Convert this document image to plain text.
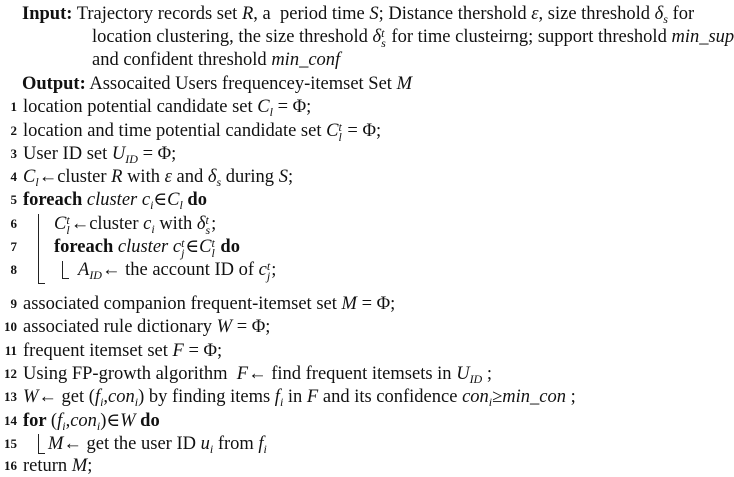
Input: Trajectory records set R, a  period time S; Distance thershold ε, size threshold $\delta_s$ for
location clustering, the size threshold δ t
s for time clusteirng; support threshold min_sup
and confident threshold min_conf
Output: Assocaited Users frequencey-itemset Set M
1 location potential candidate set $C_l = \Phi$;
2 location and time potential candidate set C t
l = Φ;
3 User ID set $U_{ID} = \Phi$;
4 $C_l\leftarrow cluster$ R with ε and $\delta_s$ during S;
5 foreach cluster $c_i\in C_l$ do
6 C t
l ←cluster $c_i$ with δ t
s ;
7 foreach cluster c t
j ∈C t
l do
8	$A_{ID}\leftarrow$ the account ID of c t
j ;
9 associated companion frequent-itemset set M = Φ;
10 associated rule dictionary W = Φ;
11 frequent itemset set F = Φ;
12 Using FP-growth algorithm  F← find frequent itemsets in $U_{ID}$ ;
13 W← get $(f_i,con_i)$ by finding items $f_i$ in F and its confidence con$_i$≥min_con ;
14 for $(f_i,con_i)\in W$ do
15 M← get the user ID $u_i$ from $f_i$
16 return M;
